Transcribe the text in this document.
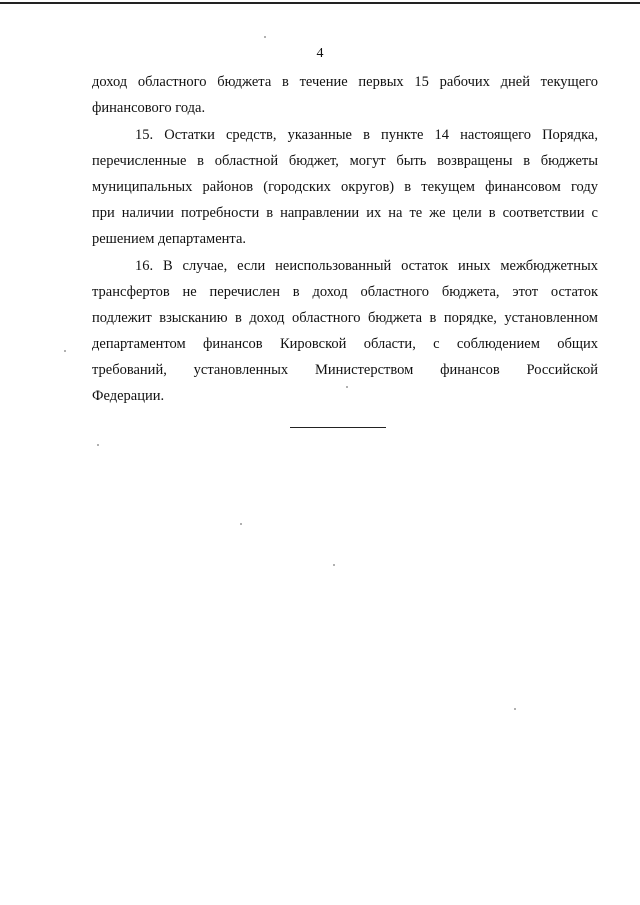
4
доход областного бюджета в течение первых 15 рабочих дней текущего
финансового года.
15. Остатки средств, указанные в пункте 14 настоящего Порядка,
перечисленные в областной бюджет, могут быть возвращены в бюджеты
муниципальных районов (городских округов) в текущем финансовом году
при наличии потребности в направлении их на те же цели в соответствии с
решением департамента.
16. В случае, если неиспользованный остаток иных межбюджетных
трансфертов не перечислен в доход областного бюджета, этот остаток
подлежит взысканию в доход областного бюджета в порядке, установленном
департаментом финансов Кировской области, с соблюдением общих
требований, установленных Министерством финансов Российской
Федерации.
